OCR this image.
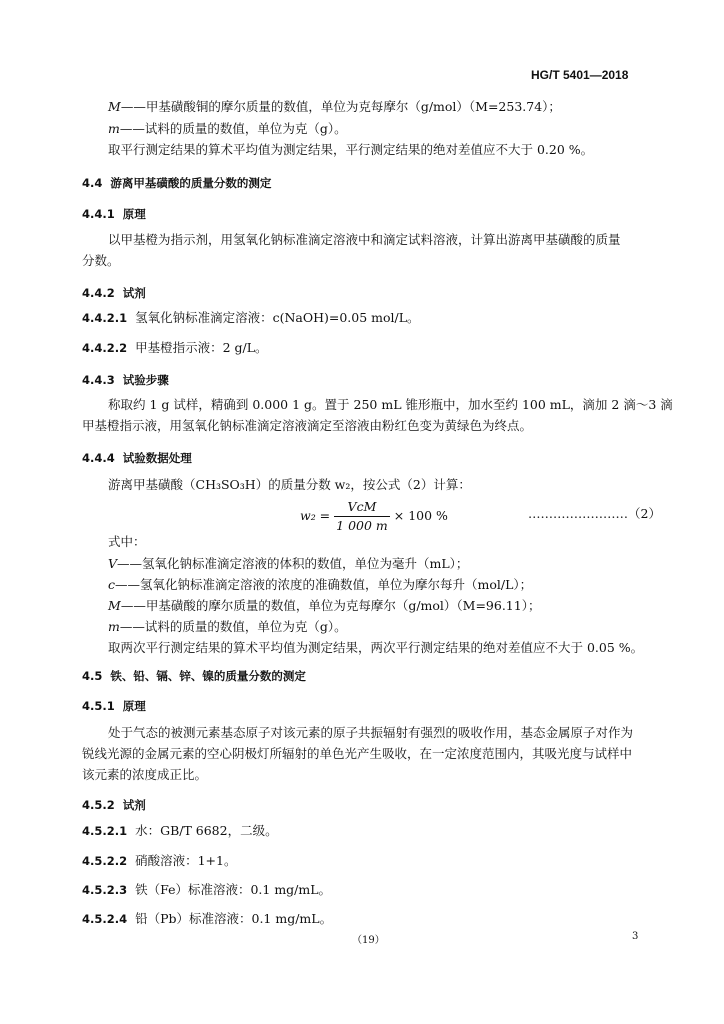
HG/T 5401—2018
M——甲基磺酸铜的摩尔质量的数值，单位为克每摩尔（g/mol）（M=253.74）；
m——试料的质量的数值，单位为克（g）。
取平行测定结果的算术平均值为测定结果，平行测定结果的绝对差值应不大于 0.20 %。
4.4 游离甲基磺酸的质量分数的测定
4.4.1 原理
以甲基橙为指示剂，用氢氧化钠标准滴定溶液中和滴定试料溶液，计算出游离甲基磺酸的质量
分数。
4.4.2 试剂
4.4.2.1 氢氧化钠标准滴定溶液：c(NaOH)=0.05 mol/L。
4.4.2.2 甲基橙指示液：2 g/L。
4.4.3 试验步骤
称取约 1 g 试样，精确到 0.000 1 g。置于 250 mL 锥形瓶中，加水至约 100 mL，滴加 2 滴～3 滴
甲基橙指示液，用氢氧化钠标准滴定溶液滴定至溶液由粉红色变为黄绿色为终点。
4.4.4 试验数据处理
游离甲基磺酸（CH₃SO₃H）的质量分数 w₂，按公式（2）计算：
$w_2 = \frac{\text{VcM}}{1 000 m} \times 100$ %	……………………（2）
式中：
V——氢氧化钠标准滴定溶液的体积的数值，单位为毫升（mL）；
c——氢氧化钠标准滴定溶液的浓度的准确数值，单位为摩尔每升（mol/L）；
M——甲基磺酸的摩尔质量的数值，单位为克每摩尔（g/mol）（M=96.11）；
m——试料的质量的数值，单位为克（g）。
取两次平行测定结果的算术平均值为测定结果，两次平行测定结果的绝对差值应不大于 0.05 %。
4.5 铁、铅、镉、锌、镍的质量分数的测定
4.5.1 原理
处于气态的被测元素基态原子对该元素的原子共振辐射有强烈的吸收作用，基态金属原子对作为
锐线光源的金属元素的空心阴极灯所辐射的单色光产生吸收，在一定浓度范围内，其吸光度与试样中
该元素的浓度成正比。
4.5.2 试剂
4.5.2.1 水：GB/T 6682，二级。
4.5.2.2 硝酸溶液：1+1。
4.5.2.3 铁（Fe）标准溶液：0.1 mg/mL。
4.5.2.4 铅（Pb）标准溶液：0.1 mg/mL。
（19）	3
